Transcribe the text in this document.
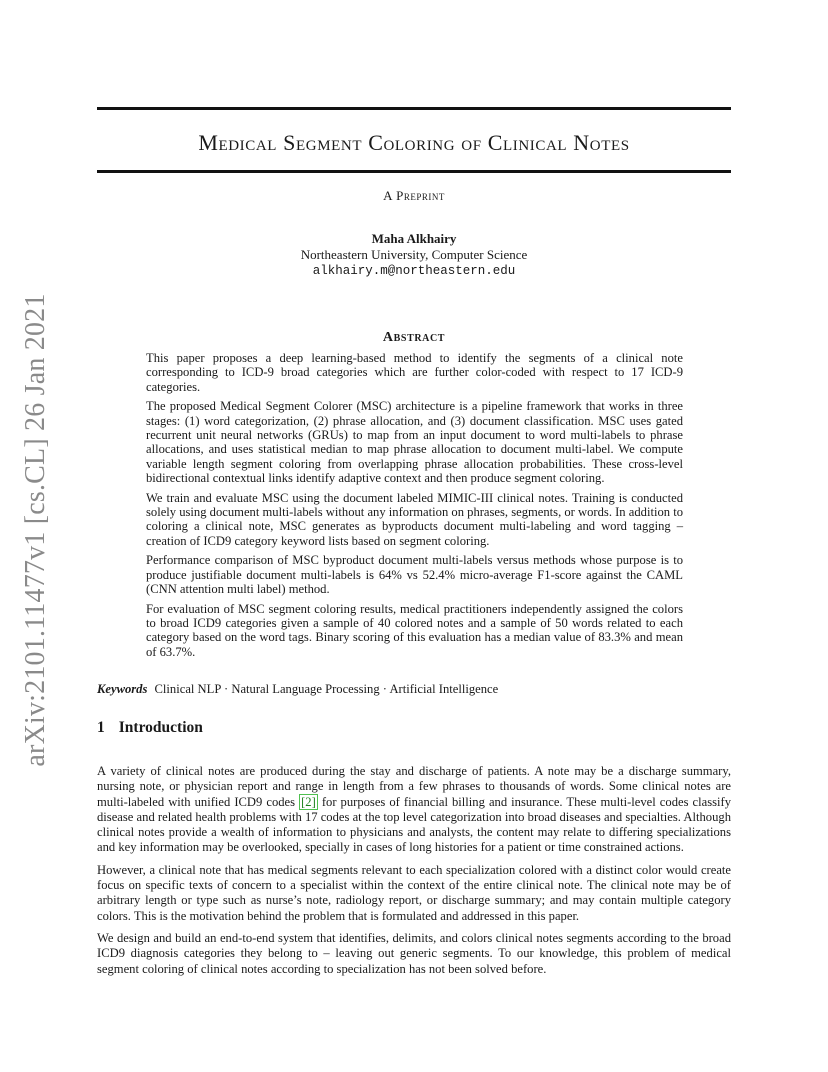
arXiv:2101.11477v1 [cs.CL] 26 Jan 2021
Medical Segment Coloring of Clinical Notes
A Preprint
Maha Alkhairy
Northeastern University, Computer Science
alkhairy.m@northeastern.edu
Abstract

This paper proposes a deep learning-based method to identify the segments of a clinical note corresponding to ICD-9 broad categories which are further color-coded with respect to 17 ICD-9 categories.

The proposed Medical Segment Colorer (MSC) architecture is a pipeline framework that works in three stages: (1) word categorization, (2) phrase allocation, and (3) document classification. MSC uses gated recurrent unit neural networks (GRUs) to map from an input document to word multi-labels to phrase allocations, and uses statistical median to map phrase allocation to document multi-label. We compute variable length segment coloring from overlapping phrase allocation probabilities. These cross-level bidirectional contextual links identify adaptive context and then produce segment coloring.

We train and evaluate MSC using the document labeled MIMIC-III clinical notes. Training is conducted solely using document multi-labels without any information on phrases, segments, or words. In addition to coloring a clinical note, MSC generates as byproducts document multi-labeling and word tagging – creation of ICD9 category keyword lists based on segment coloring.

Performance comparison of MSC byproduct document multi-labels versus methods whose purpose is to produce justifiable document multi-labels is 64% vs 52.4% micro-average F1-score against the CAML (CNN attention multi label) method.

For evaluation of MSC segment coloring results, medical practitioners independently assigned the colors to broad ICD9 categories given a sample of 40 colored notes and a sample of 50 words related to each category based on the word tags. Binary scoring of this evaluation has a median value of 83.3% and mean of 63.7%.

Keywords Clinical NLP · Natural Language Processing · Artificial Intelligence
1 Introduction

A variety of clinical notes are produced during the stay and discharge of patients. A note may be a discharge summary, nursing note, or physician report and range in length from a few phrases to thousands of words. Some clinical notes are multi-labeled with unified ICD9 codes [2] for purposes of financial billing and insurance. These multi-level codes classify disease and related health problems with 17 codes at the top level categorization into broad diseases and specialties. Although clinical notes provide a wealth of information to physicians and analysts, the content may relate to differing specializations and key information may be overlooked, specially in cases of long histories for a patient or time constrained actions.

However, a clinical note that has medical segments relevant to each specialization colored with a distinct color would create focus on specific texts of concern to a specialist within the context of the entire clinical note. The clinical note may be of arbitrary length or type such as nurse’s note, radiology report, or discharge summary; and may contain multiple category colors. This is the motivation behind the problem that is formulated and addressed in this paper.

We design and build an end-to-end system that identifies, delimits, and colors clinical notes segments according to the broad ICD9 diagnosis categories they belong to – leaving out generic segments. To our knowledge, this problem of medical segment coloring of clinical notes according to specialization has not been solved before.
